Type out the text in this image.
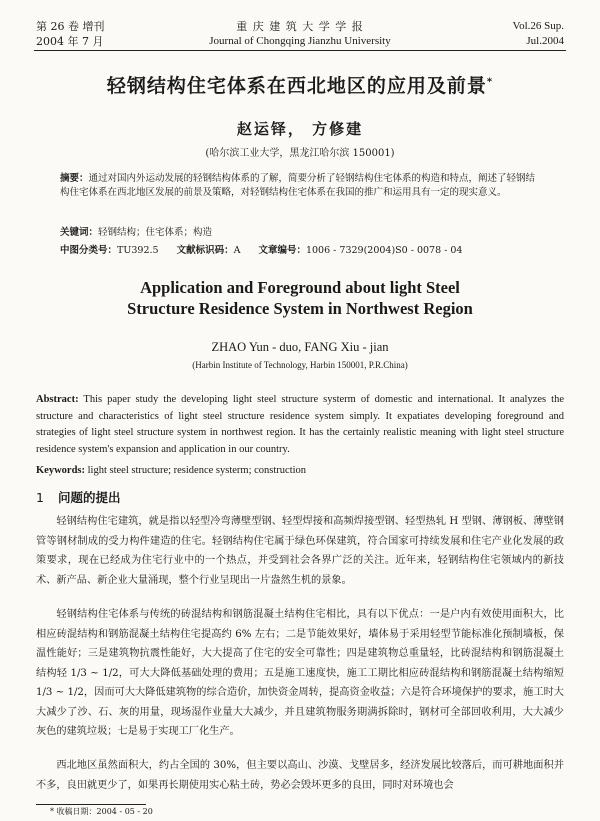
第 26 卷 增刊
2004 年 7 月
重 庆 建 筑 大 学 学 报
Journal of Chongqing Jianzhu University
Vol.26 Sup.
Jul.2004
轻钢结构住宅体系在西北地区的应用及前景*
赵运铎， 方修建
(哈尔滨工业大学，黑龙江哈尔滨 150001)
摘要：通过对国内外运动发展的轻钢结构体系的了解，简要分析了轻钢结构住宅体系的构造和特点，阐述了轻钢结构住宅体系在西北地区发展的前景及策略，对轻钢结构住宅体系在我国的推广和运用具有一定的现实意义。
关键词：轻钢结构；住宅体系；构造
中图分类号：TU392.5 文献标识码：A 文章编号：1006 - 7329(2004)S0 - 0078 - 04
Application and Foreground about light Steel
Structure Residence System in Northwest Region
ZHAO Yun - duo, FANG Xiu - jian
(Harbin Institute of Technology, Harbin 150001, P.R.China)
Abstract: This paper study the developing light steel structure systerm of domestic and international. It analyzes the structure and characteristics of light steel structure residence system simply. It expatiates developing foreground and strategies of light steel structure system in northwest region. It has the certainly realistic meaning with light steel structure residence system's expansion and application in our country.
Keywords: light steel structure; residence systerm; construction
1 问题的提出
轻钢结构住宅建筑，就是指以轻型冷弯薄壁型钢、轻型焊接和高频焊接型钢、轻型热轧 H 型钢、薄钢板、薄壁钢管等钢材制成的受力构件建造的住宅。轻钢结构住宅属于绿色环保建筑，符合国家可持续发展和住宅产业化发展的政策要求，现在已经成为住宅行业中的一个热点，并受到社会各界广泛的关注。近年来，轻钢结构住宅领域内的新技术、新产品、新企业大量涌现，整个行业呈现出一片盎然生机的景象。
轻钢结构住宅体系与传统的砖混结构和钢筋混凝土结构住宅相比，具有以下优点：一是户内有效使用面积大，比相应砖混结构和钢筋混凝土结构住宅提高约 6% 左右；二是节能效果好，墙体易于采用轻型节能标准化预制墙板，保温性能好；三是建筑物抗震性能好，大大提高了住宅的安全可靠性；四是建筑物总重量轻，比砖混结构和钢筋混凝土结构轻 1/3 ~ 1/2，可大大降低基础处理的费用；五是施工速度快，施工工期比相应砖混结构和钢筋混凝土结构缩短 1/3 ~ 1/2，因而可大大降低建筑物的综合造价，加快资金周转，提高资金收益；六是符合环境保护的要求，施工时大大减少了沙、石、灰的用量，现场湿作业量大大减少，并且建筑物服务期满拆除时，钢材可全部回收利用，大大减少灰色的建筑垃圾；七是易于实现工厂化生产。
西北地区虽然面积大，约占全国的 30%，但主要以高山、沙漠、戈壁居多，经济发展比较落后，而可耕地面积并不多，良田就更少了，如果再长期使用实心粘土砖，势必会毁坏更多的良田，同时对环境也会
* 收稿日期：2004 - 05 - 20
